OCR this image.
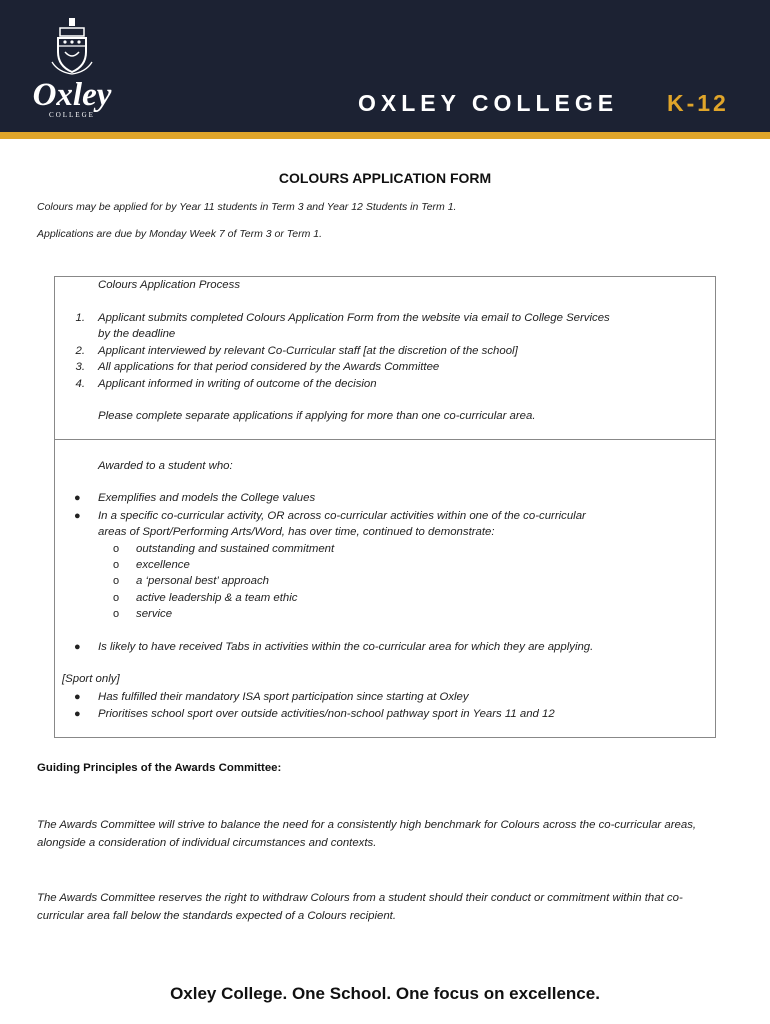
Oxley
COLLEGE	OXLEY COLLEGE K-12
COLOURS APPLICATION FORM
Colours may be applied for by Year 11 students in Term 3 and Year 12 Students in Term 1.
Applications are due by Monday Week 7 of Term 3 or Term 1.
Colours Application Process
1. Applicant submits completed Colours Application Form from the website via email to College Services
by the deadline
2. Applicant interviewed by relevant Co-Curricular staff [at the discretion of the school]
3. All applications for that period considered by the Awards Committee
4. Applicant informed in writing of outcome of the decision
Please complete separate applications if applying for more than one co-curricular area.
Awarded to a student who:
● Exemplifies and models the College values
● In a specific co-curricular activity, OR across co-curricular activities within one of the co-curricular
areas of Sport/Performing Arts/Word, has over time, continued to demonstrate:
o outstanding and sustained commitment
o excellence
o a ‘personal best’ approach
o active leadership & a team ethic
o service
● Is likely to have received Tabs in activities within the co-curricular area for which they are applying.
[Sport only]
● Has fulfilled their mandatory ISA sport participation since starting at Oxley
● Prioritises school sport over outside activities/non-school pathway sport in Years 11 and 12
Guiding Principles of the Awards Committee:
The Awards Committee will strive to balance the need for a consistently high benchmark for Colours across the co-curricular areas, alongside a consideration of individual circumstances and contexts.
The Awards Committee reserves the right to withdraw Colours from a student should their conduct or commitment within that co-curricular area fall below the standards expected of a Colours recipient.
Oxley College. One School. One focus on excellence.
